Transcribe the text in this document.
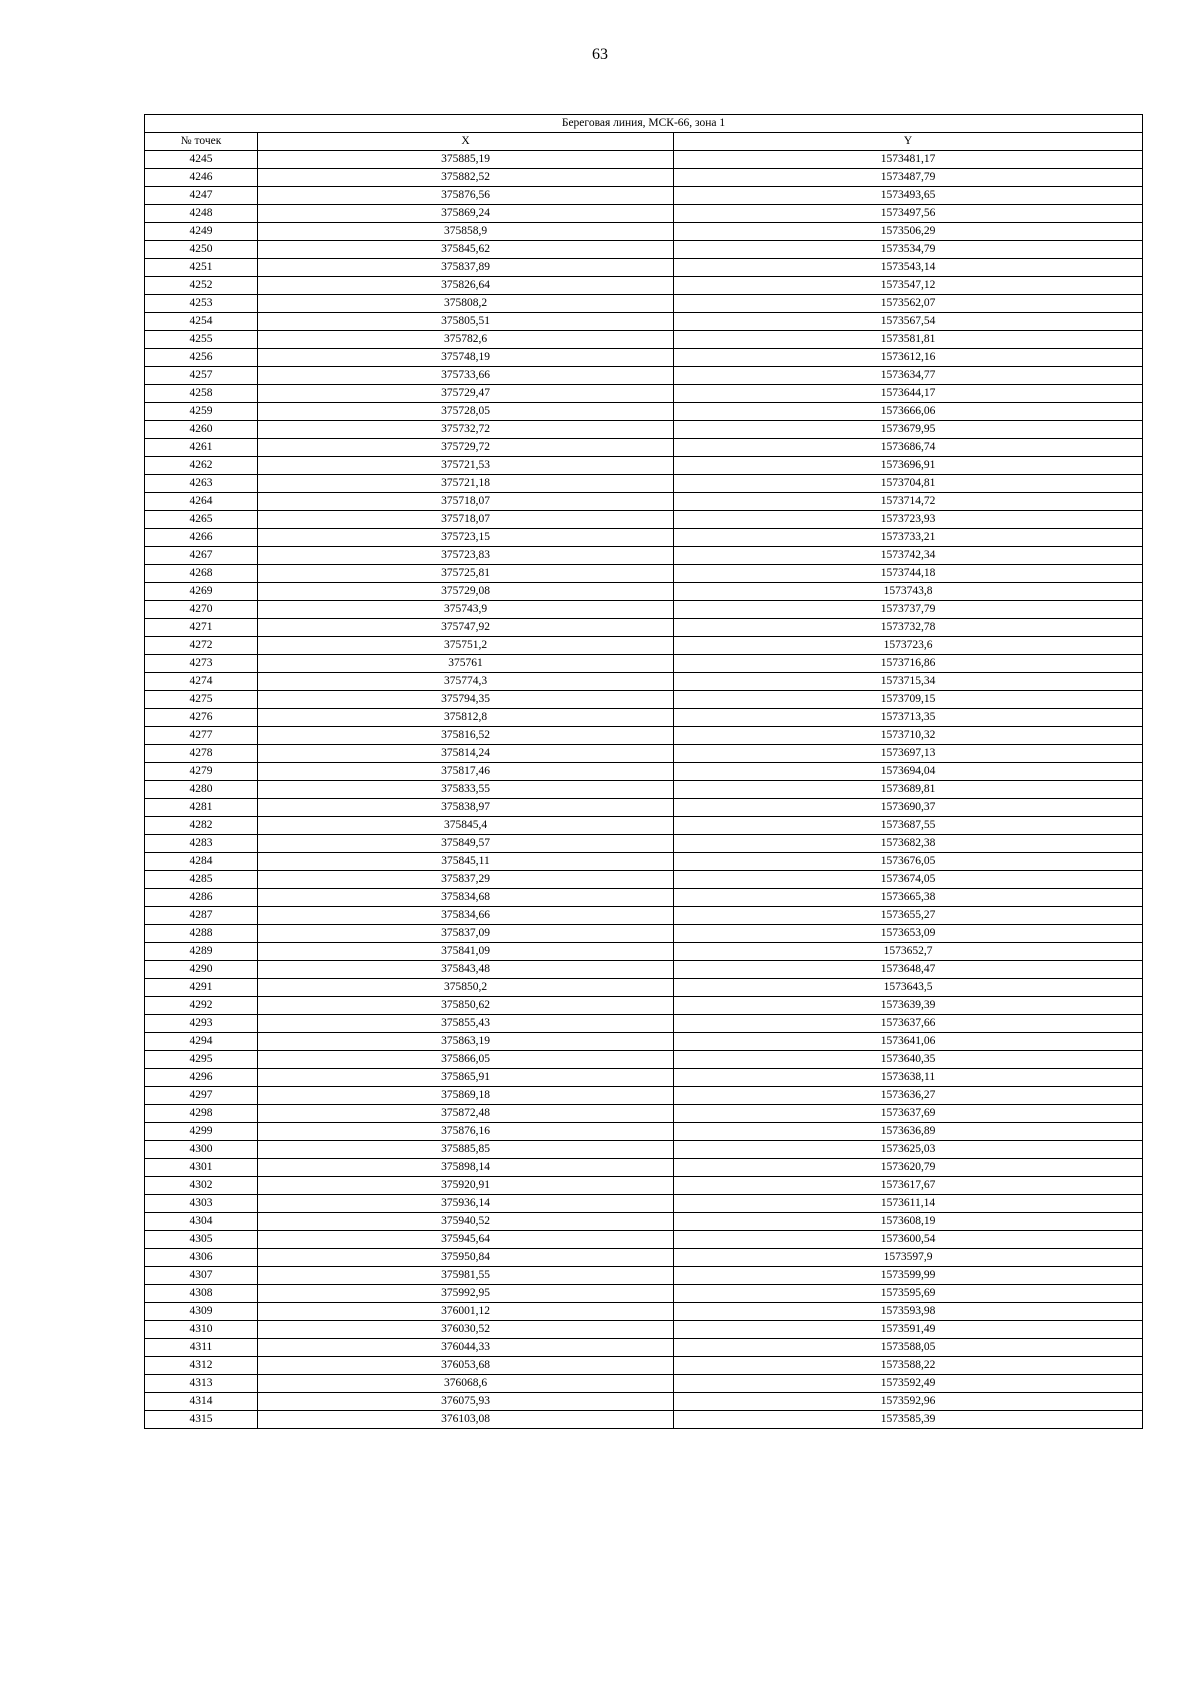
63
Береговая линия, МСК-66, зона 1		
№ точек	X	Y
4245	375885,19	1573481,17
4246	375882,52	1573487,79
4247	375876,56	1573493,65
4248	375869,24	1573497,56
4249	375858,9	1573506,29
4250	375845,62	1573534,79
4251	375837,89	1573543,14
4252	375826,64	1573547,12
4253	375808,2	1573562,07
4254	375805,51	1573567,54
4255	375782,6	1573581,81
4256	375748,19	1573612,16
4257	375733,66	1573634,77
4258	375729,47	1573644,17
4259	375728,05	1573666,06
4260	375732,72	1573679,95
4261	375729,72	1573686,74
4262	375721,53	1573696,91
4263	375721,18	1573704,81
4264	375718,07	1573714,72
4265	375718,07	1573723,93
4266	375723,15	1573733,21
4267	375723,83	1573742,34
4268	375725,81	1573744,18
4269	375729,08	1573743,8
4270	375743,9	1573737,79
4271	375747,92	1573732,78
4272	375751,2	1573723,6
4273	375761	1573716,86
4274	375774,3	1573715,34
4275	375794,35	1573709,15
4276	375812,8	1573713,35
4277	375816,52	1573710,32
4278	375814,24	1573697,13
4279	375817,46	1573694,04
4280	375833,55	1573689,81
4281	375838,97	1573690,37
4282	375845,4	1573687,55
4283	375849,57	1573682,38
4284	375845,11	1573676,05
4285	375837,29	1573674,05
4286	375834,68	1573665,38
4287	375834,66	1573655,27
4288	375837,09	1573653,09
4289	375841,09	1573652,7
4290	375843,48	1573648,47
4291	375850,2	1573643,5
4292	375850,62	1573639,39
4293	375855,43	1573637,66
4294	375863,19	1573641,06
4295	375866,05	1573640,35
4296	375865,91	1573638,11
4297	375869,18	1573636,27
4298	375872,48	1573637,69
4299	375876,16	1573636,89
4300	375885,85	1573625,03
4301	375898,14	1573620,79
4302	375920,91	1573617,67
4303	375936,14	1573611,14
4304	375940,52	1573608,19
4305	375945,64	1573600,54
4306	375950,84	1573597,9
4307	375981,55	1573599,99
4308	375992,95	1573595,69
4309	376001,12	1573593,98
4310	376030,52	1573591,49
4311	376044,33	1573588,05
4312	376053,68	1573588,22
4313	376068,6	1573592,49
4314	376075,93	1573592,96
4315	376103,08	1573585,39
